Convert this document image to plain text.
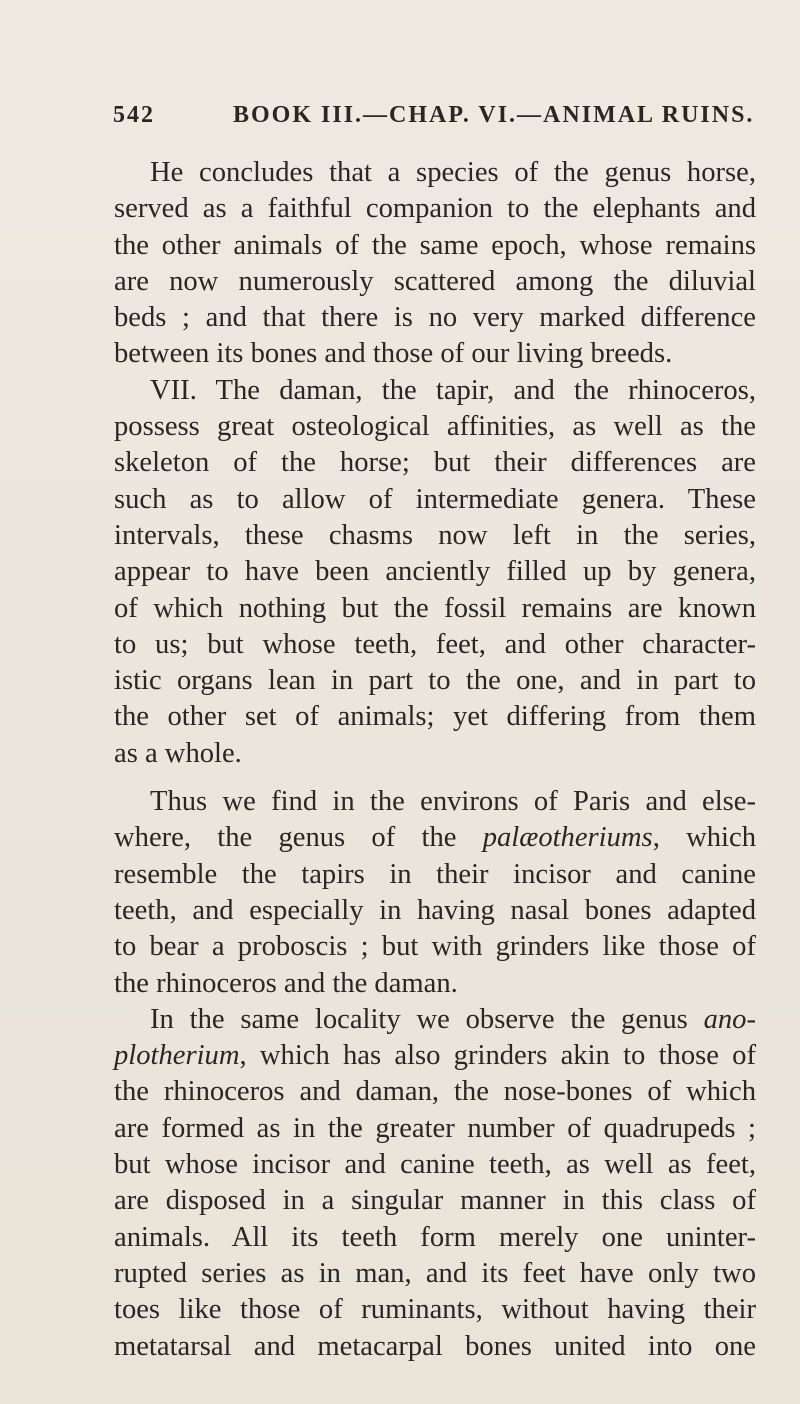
542	BOOK III.—CHAP. VI.—ANIMAL RUINS.
He concludes that a species of the genus horse,
served as a faithful companion to the elephants and
the other animals of the same epoch, whose remains
are now numerously scattered among the diluvial
beds ; and that there is no very marked difference
between its bones and those of our living breeds.
VII. The daman, the tapir, and the rhinoceros,
possess great osteological affinities, as well as the
skeleton of the horse; but their differences are
such as to allow of intermediate genera. These
intervals, these chasms now left in the series,
appear to have been anciently filled up by genera,
of which nothing but the fossil remains are known
to us; but whose teeth, feet, and other character-
istic organs lean in part to the one, and in part to
the other set of animals; yet differing from them
as a whole.
Thus we find in the environs of Paris and else-
where, the genus of the palæotheriums, which
resemble the tapirs in their incisor and canine
teeth, and especially in having nasal bones adapted
to bear a proboscis ; but with grinders like those of
the rhinoceros and the daman.
In the same locality we observe the genus ano-
plotherium, which has also grinders akin to those of
the rhinoceros and daman, the nose-bones of which
are formed as in the greater number of quadrupeds ;
but whose incisor and canine teeth, as well as feet,
are disposed in a singular manner in this class of
animals. All its teeth form merely one uninter-
rupted series as in man, and its feet have only two
toes like those of ruminants, without having their
metatarsal and metacarpal bones united into one
